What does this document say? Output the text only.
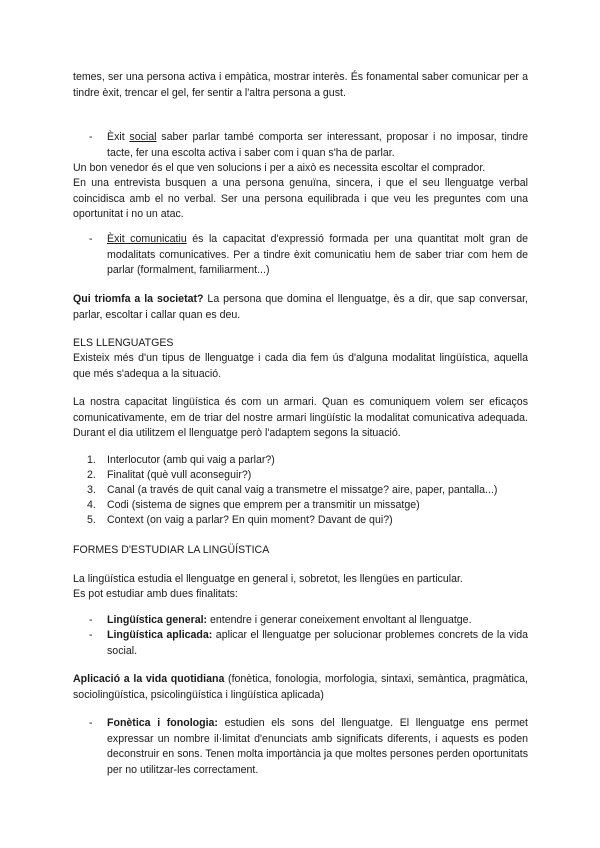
temes, ser una persona activa i empàtica, mostrar interès. És fonamental saber comunicar per a tindre èxit, trencar el gel, fer sentir a l'altra persona a gust.

-	Èxit social saber parlar també comporta ser interessant, proposar i no imposar, tindre tacte, fer una escolta activa i saber com i quan s'ha de parlar.

Un bon venedor és el que ven solucions i per a això es necessita escoltar el comprador.

En una entrevista busquen a una persona genuïna, sincera, i que el seu llenguatge verbal coincidisca amb el no verbal. Ser una persona equilibrada i que veu les preguntes com una oportunitat i no un atac.

-	Èxit comunicatiu és la capacitat d'expressió formada per una quantitat molt gran de modalitats comunicatives. Per a tindre èxit comunicatiu hem de saber triar com hem de parlar (formalment, familiarment...)

Qui triomfa a la societat? La persona que domina el llenguatge, ès a dir, que sap conversar, parlar, escoltar i callar quan es deu.

ELS LLENGUATGES

Existeix més d'un tipus de llenguatge i cada dia fem ús d'alguna modalitat lingüística, aquella que més s'adequa a la situació.

La nostra capacitat lingüística és com un armari. Quan es comuniquem volem ser eficaços comunicativamente, em de triar del nostre armari lingüístic la modalitat comunicativa adequada. Durant el dia utilitzem el llenguatge però l'adaptem segons la situació.

1.	Interlocutor (amb qui vaig a parlar?)

2.	Finalitat (què vull aconseguir?)

3.	Canal (a través de quit canal vaig a transmetre el missatge? aire, paper, pantalla...)

4.	Codi (sistema de signes que emprem per a transmitir un missatge)

5.	Context (on vaig a parlar? En quin moment? Davant de qui?)

FORMES D'ESTUDIAR LA LINGÜÍSTICA

La lingüística estudia el llenguatge en general i, sobretot, les llengües en particular.

Es pot estudiar amb dues finalitats:

-	Lingüística general: entendre i generar coneixement envoltant al llenguatge.

-	Lingüística aplicada: aplicar el llenguatge per solucionar problemes concrets de la vida social.

Aplicació a la vida quotidiana (fonètica, fonologia, morfologia, sintaxi, semàntica, pragmàtica, sociolingüística, psicolingüística i lingüística aplicada)

-	Fonètica i fonologia: estudien els sons del llenguatge. El llenguatge ens permet expressar un nombre il·limitat d'enunciats amb significats diferents, i aquests es poden deconstruir en sons. Tenen molta importància ja que moltes persones perden oportunitats per no utilitzar-les correctament.
